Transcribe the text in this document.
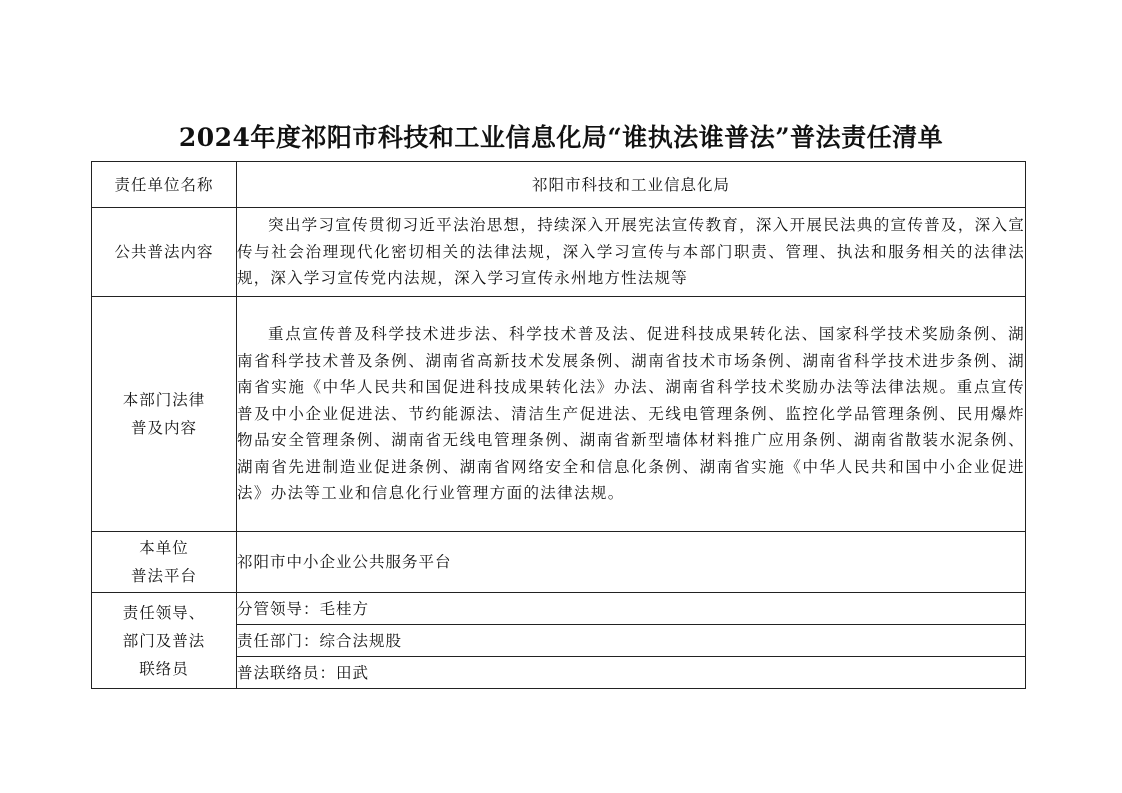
2024年度祁阳市科技和工业信息化局“谁执法谁普法”普法责任清单
责任单位名称	祁阳市科技和工业信息化局
公共普法内容	突出学习宣传贯彻习近平法治思想，持续深入开展宪法宣传教育，深入开展民法典的宣传普及，深入宣传与社会治理现代化密切相关的法律法规，深入学习宣传与本部门职责、管理、执法和服务相关的法律法规，深入学习宣传党内法规，深入学习宣传永州地方性法规等

本部门法律
普及内容	重点宣传普及科学技术进步法、科学技术普及法、促进科技成果转化法、国家科学技术奖励条例、湖南省科学技术普及条例、湖南省高新技术发展条例、湖南省技术市场条例、湖南省科学技术进步条例、湖南省实施《中华人民共和国促进科技成果转化法》办法、湖南省科学技术奖励办法等法律法规。重点宣传普及中小企业促进法、节约能源法、清洁生产促进法、无线电管理条例、监控化学品管理条例、民用爆炸物品安全管理条例、湖南省无线电管理条例、湖南省新型墙体材料推广应用条例、湖南省散装水泥条例、湖南省先进制造业促进条例、湖南省网络安全和信息化条例、湖南省实施《中华人民共和国中小企业促进法》办法等工业和信息化行业管理方面的法律法规。

本单位
普法平台	祁阳市中小企业公共服务平台

责任领导、
部门及普法
联络员	分管领导：毛桂方
	责任部门：综合法规股
	普法联络员：田武
